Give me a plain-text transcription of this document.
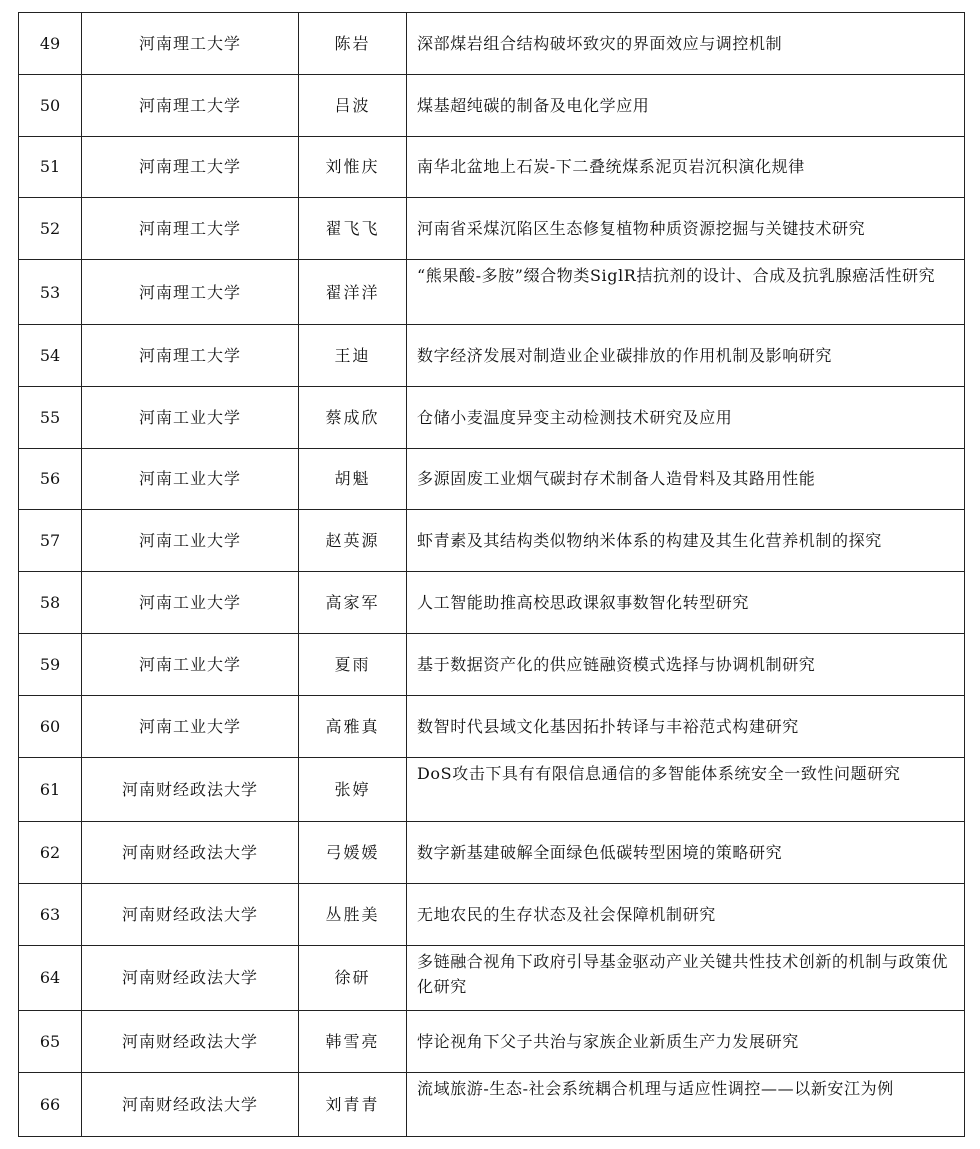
49	河南理工大学	陈岩	深部煤岩组合结构破坏致灾的界面效应与调控机制
50	河南理工大学	吕波	煤基超纯碳的制备及电化学应用
51	河南理工大学	刘惟庆	南华北盆地上石炭-下二叠统煤系泥页岩沉积演化规律
52	河南理工大学	翟飞飞	河南省采煤沉陷区生态修复植物种质资源挖掘与关键技术研究
53	河南理工大学	翟洋洋	“熊果酸-多胺”缀合物类SiglR拮抗剂的设计、合成及抗乳腺癌活性研究
54	河南理工大学	王迪	数字经济发展对制造业企业碳排放的作用机制及影响研究
55	河南工业大学	蔡成欣	仓储小麦温度异变主动检测技术研究及应用
56	河南工业大学	胡魁	多源固废工业烟气碳封存术制备人造骨料及其路用性能
57	河南工业大学	赵英源	虾青素及其结构类似物纳米体系的构建及其生化营养机制的探究
58	河南工业大学	高家军	人工智能助推高校思政课叙事数智化转型研究
59	河南工业大学	夏雨	基于数据资产化的供应链融资模式选择与协调机制研究
60	河南工业大学	高雅真	数智时代县域文化基因拓扑转译与丰裕范式构建研究
61	河南财经政法大学	张婷	DoS攻击下具有有限信息通信的多智能体系统安全一致性问题研究
62	河南财经政法大学	弓媛媛	数字新基建破解全面绿色低碳转型困境的策略研究
63	河南财经政法大学	丛胜美	无地农民的生存状态及社会保障机制研究
64	河南财经政法大学	徐研	多链融合视角下政府引导基金驱动产业关键共性技术创新的机制与政策优化研究
65	河南财经政法大学	韩雪亮	悖论视角下父子共治与家族企业新质生产力发展研究
66	河南财经政法大学	刘青青	流域旅游-生态-社会系统耦合机理与适应性调控——以新安江为例
